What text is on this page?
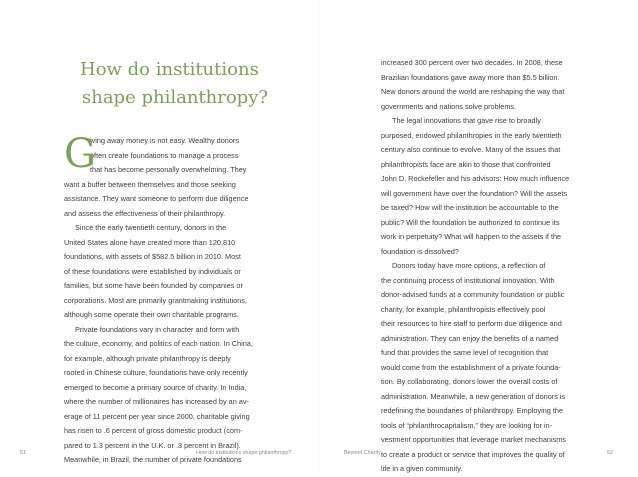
How do institutions
shape philanthropy?
G
iving away money is not easy. Wealthy donors
often create foundations to manage a process
that has become personally overwhelming. They
want a buffer between themselves and those seeking
assistance. They want someone to perform due diligence
and assess the effectiveness of their philanthropy.
Since the early twentieth century, donors in the
United States alone have created more than 120,810
foundations, with assets of $582.5 billion in 2010. Most
of these foundations were established by individuals or
families, but some have been founded by companies or
corporations. Most are primarily grantmaking institutions,
although some operate their own charitable programs.
Private foundations vary in character and form with
the culture, economy, and politics of each nation. In China,
for example, although private philanthropy is deeply
rooted in Chinese culture, foundations have only recently
emerged to become a primary source of charity. In India,
where the number of millionaires has increased by an av-
erage of 11 percent per year since 2000, charitable giving
has risen to .6 percent of gross domestic product (com-
pared to 1.3 percent in the U.K. or .3 percent in Brazil).
Meanwhile, in Brazil, the number of private foundations
increased 300 percent over two decades. In 2008, these
Brazilian foundations gave away more than $5.5 billion.
New donors around the world are reshaping the way that
governments and nations solve problems.
The legal innovations that gave rise to broadly
purposed, endowed philanthropies in the early twentieth
century also continue to evolve. Many of the issues that
philanthropists face are akin to those that confronted
John D. Rockefeller and his advisors: How much influence
will government have over the foundation? Will the assets
be taxed? How will the institution be accountable to the
public? Will the foundation be authorized to continue its
work in perpetuity? What will happen to the assets if the
foundation is dissolved?
Donors today have more options, a reflection of
the continuing process of institutional innovation. With
donor-advised funds at a community foundation or public
charity, for example, philanthropists effectively pool
their resources to hire staff to perform due diligence and
administration. They can enjoy the benefits of a named
fund that provides the same level of recognition that
would come from the establishment of a private founda-
tion. By collaborating, donors lower the overall costs of
administration. Meanwhile, a new generation of donors is
redefining the boundaries of philanthropy. Employing the
tools of “philanthrocapitalism,” they are looking for in-
vestment opportunities that leverage market mechanisms
to create a product or service that improves the quality of
life in a given community.
51	How do institutions shape philanthropy?	Beyond Charity	52
